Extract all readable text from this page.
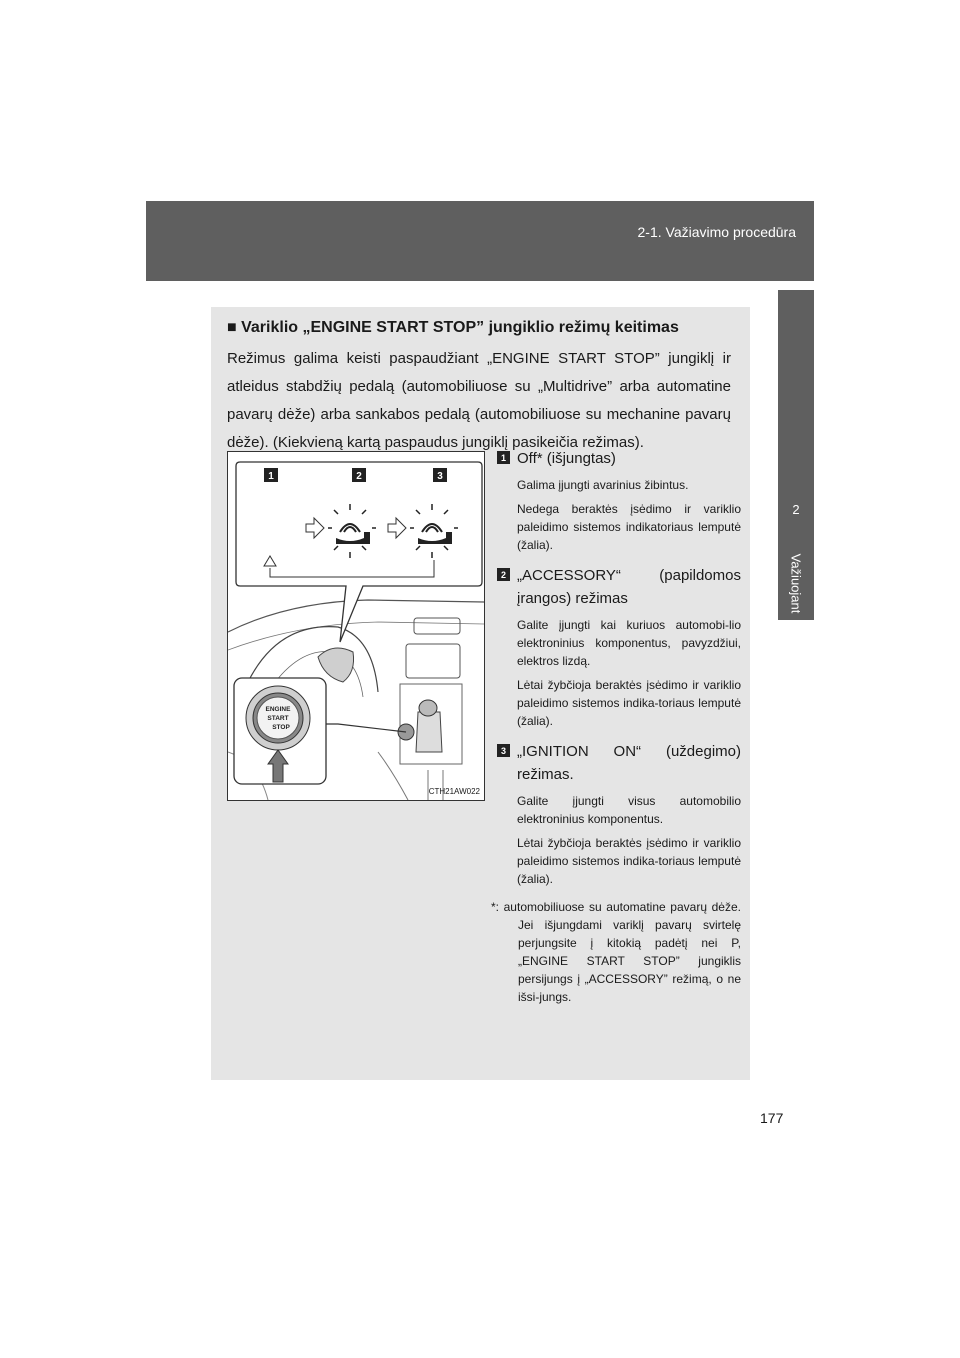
2-1. Važiavimo procedūra
2
Važiuojant
■ Variklio „ENGINE START STOP” jungiklio režimų keitimas
Režimus galima keisti paspaudžiant „ENGINE START STOP” jungiklį ir atleidus stabdžių pedalą (automobiliuose su „Multidrive” arba automatine pavarų dėže) arba sankabos pedalą (automobiliuose su mechanine pavarų dėže). (Kiekvieną kartą paspaudus jungiklį pasikeičia režimas).
1	2	3
ENGINE
START
STOP
CTH21AW022
1 Off* (išjungtas)
Galima įjungti avarinius žibintus.
Nedega beraktės įsėdimo ir variklio paleidimo sistemos indikatoriaus lemputė (žalia).
2 „ACCESSORY“ (papildomos įrangos) režimas
Galite įjungti kai kuriuos automobi-lio elektroninius komponentus, pavyzdžiui, elektros lizdą.
Lėtai žybčioja beraktės įsėdimo ir variklio paleidimo sistemos indika-toriaus lemputė (žalia).
3 „IGNITION ON“ (uždegimo) režimas.
Galite įjungti visus automobilio elektroninius komponentus.
Lėtai žybčioja beraktės įsėdimo ir variklio paleidimo sistemos indika-toriaus lemputė (žalia).
*: automobiliuose su automatine pavarų dėže. Jei išjungdami variklį pavarų svirtelę perjungsite į kitokią padėtį nei P, „ENGINE START STOP” jungiklis persijungs į „ACCESSORY” režimą, o ne išsi-jungs.
177
